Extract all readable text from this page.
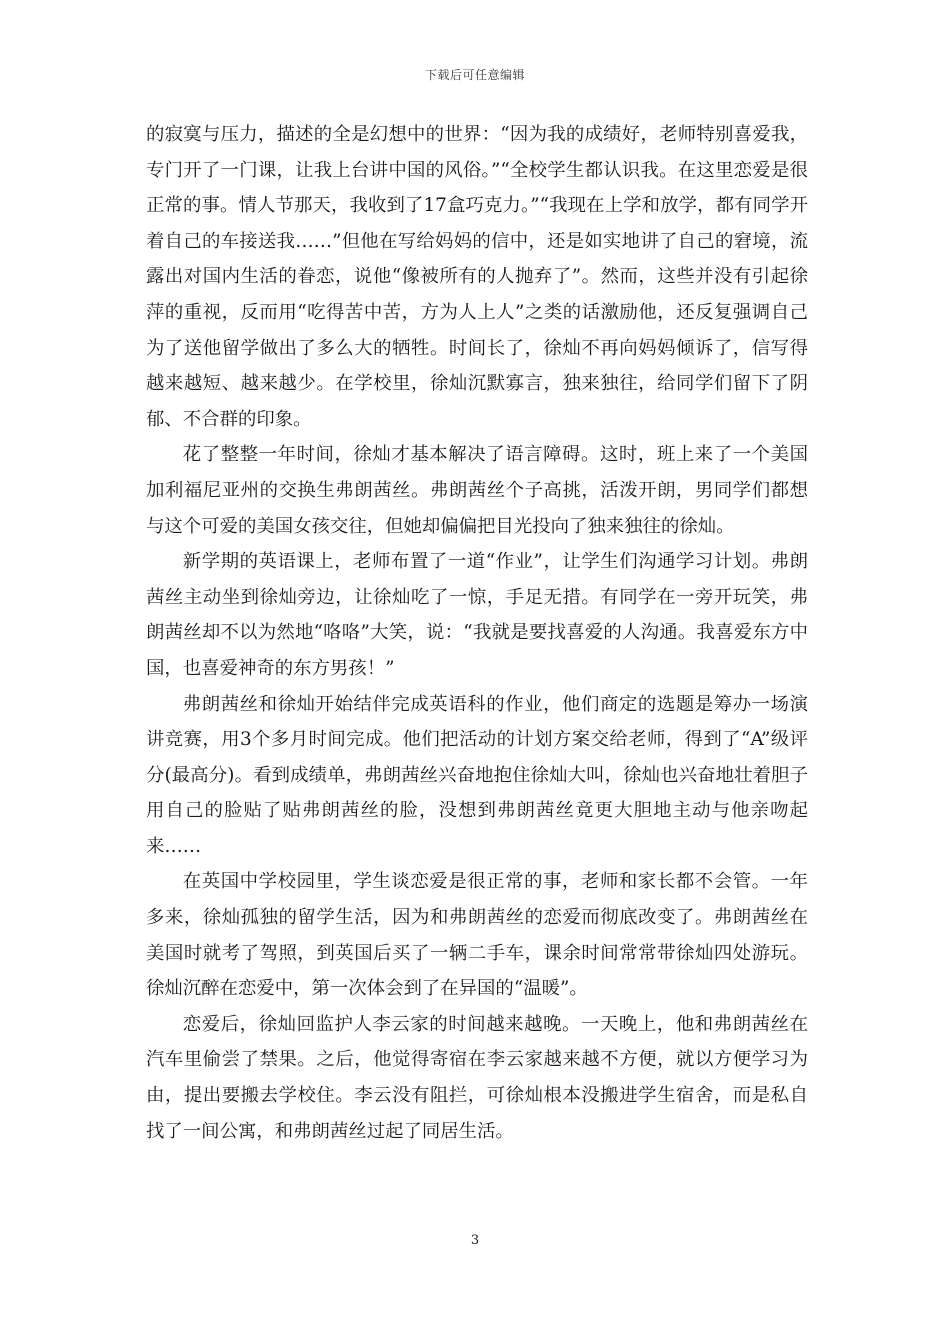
下载后可任意编辑

的寂寞与压力，描述的全是幻想中的世界：“因为我的成绩好，老师特别喜爱我，专门开了一门课，让我上台讲中国的风俗。”“全校学生都认识我。在这里恋爱是很正常的事。情人节那天，我收到了17盒巧克力。”“我现在上学和放学，都有同学开着自己的车接送我……”但他在写给妈妈的信中，还是如实地讲了自己的窘境，流露出对国内生活的眷恋，说他“像被所有的人抛弃了”。然而，这些并没有引起徐萍的重视，反而用“吃得苦中苦，方为人上人”之类的话激励他，还反复强调自己为了送他留学做出了多么大的牺牲。时间长了，徐灿不再向妈妈倾诉了，信写得越来越短、越来越少。在学校里，徐灿沉默寡言，独来独往，给同学们留下了阴郁、不合群的印象。

花了整整一年时间，徐灿才基本解决了语言障碍。这时，班上来了一个美国加利福尼亚州的交换生弗朗茜丝。弗朗茜丝个子高挑，活泼开朗，男同学们都想与这个可爱的美国女孩交往，但她却偏偏把目光投向了独来独往的徐灿。

新学期的英语课上，老师布置了一道“作业”，让学生们沟通学习计划。弗朗茜丝主动坐到徐灿旁边，让徐灿吃了一惊，手足无措。有同学在一旁开玩笑，弗朗茜丝却不以为然地“咯咯”大笑，说：“我就是要找喜爱的人沟通。我喜爱东方中国，也喜爱神奇的东方男孩！”

弗朗茜丝和徐灿开始结伴完成英语科的作业，他们商定的选题是筹办一场演讲竞赛，用3个多月时间完成。他们把活动的计划方案交给老师，得到了“A”级评分(最高分)。看到成绩单，弗朗茜丝兴奋地抱住徐灿大叫，徐灿也兴奋地壮着胆子用自己的脸贴了贴弗朗茜丝的脸，没想到弗朗茜丝竟更大胆地主动与他亲吻起来……

在英国中学校园里，学生谈恋爱是很正常的事，老师和家长都不会管。一年多来，徐灿孤独的留学生活，因为和弗朗茜丝的恋爱而彻底改变了。弗朗茜丝在美国时就考了驾照，到英国后买了一辆二手车，课余时间常常带徐灿四处游玩。徐灿沉醉在恋爱中，第一次体会到了在异国的“温暖”。

恋爱后，徐灿回监护人李云家的时间越来越晚。一天晚上，他和弗朗茜丝在汽车里偷尝了禁果。之后，他觉得寄宿在李云家越来越不方便，就以方便学习为由，提出要搬去学校住。李云没有阻拦，可徐灿根本没搬进学生宿舍，而是私自找了一间公寓，和弗朗茜丝过起了同居生活。

3
